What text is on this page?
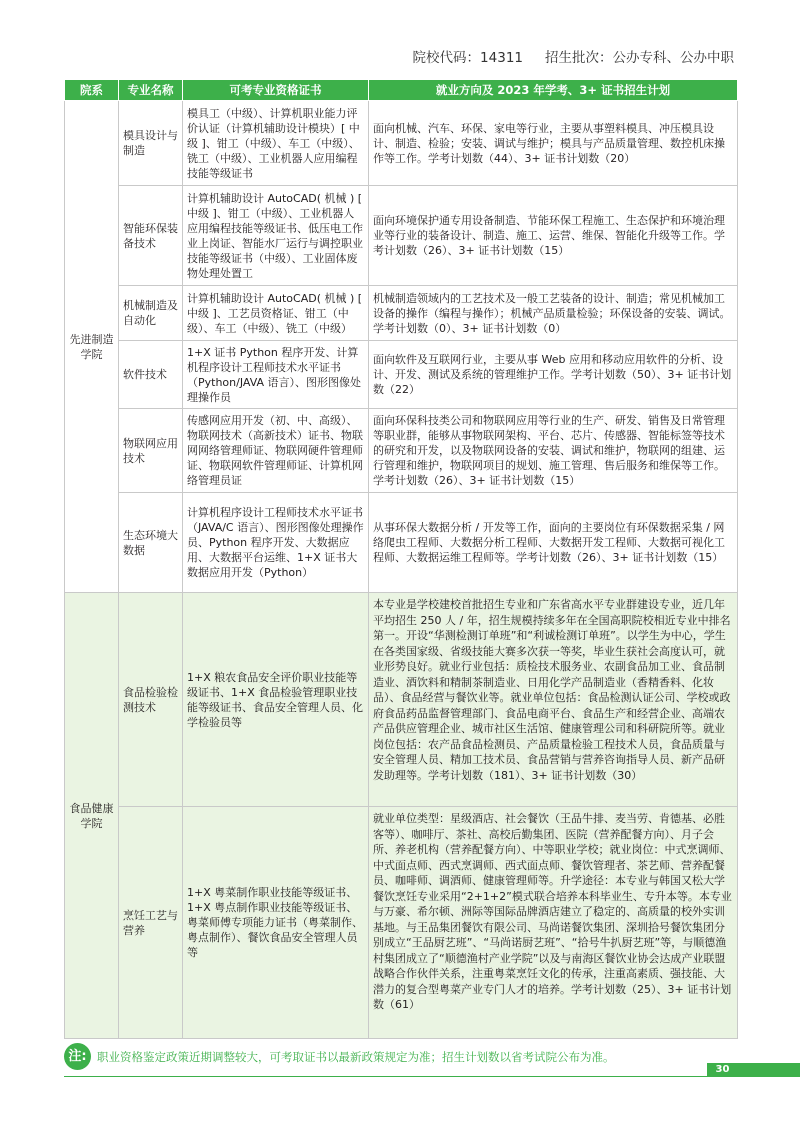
院校代码：14311 招生批次：公办专科、公办中职
院系	专业名称	可考专业资格证书	就业方向及 2023 年学考、3+ 证书招生计划
先进制造学院	模具设计与制造	模具工（中级）、计算机职业能力评价认证（计算机辅助设计模块）[ 中级 ]、钳工（中级）、车工（中级）、铣工（中级）、工业机器人应用编程技能等级证书	面向机械、汽车、环保、家电等行业，主要从事塑料模具、冲压模具设计、制造、检验；安装、调试与维护；模具与产品质量管理、数控机床操作等工作。学考计划数（44）、3+ 证书计划数（20）
	智能环保装备技术	计算机辅助设计 AutoCAD( 机械 ) [ 中级 ]、钳工（中级）、工业机器人应用编程技能等级证书、低压电工作业上岗证、智能水厂运行与调控职业技能等级证书（中级）、工业固体废物处理处置工	面向环境保护通专用设备制造、节能环保工程施工、生态保护和环境治理业等行业的装备设计、制造、施工、运营、维保、智能化升级等工作。学考计划数（26）、3+ 证书计划数（15）
	机械制造及自动化	计算机辅助设计 AutoCAD( 机械 ) [ 中级 ]、工艺员资格证、钳工（中级）、车工（中级）、铣工（中级）	机械制造领域内的工艺技术及一般工艺装备的设计、制造；常见机械加工设备的操作（编程与操作）；机械产品质量检验；环保设备的安装、调试。学考计划数（0）、3+ 证书计划数（0）
	软件技术	1+X 证书 Python 程序开发、计算机程序设计工程师技术水平证书（Python/JAVA 语言）、图形图像处理操作员	面向软件及互联网行业，主要从事 Web 应用和移动应用软件的分析、设计、开发、测试及系统的管理维护工作。学考计划数（50）、3+ 证书计划数（22）
	物联网应用技术	传感网应用开发（初、中、高级）、物联网技术（高新技术）证书、物联网网络管理师证、物联网硬件管理师证、物联网软件管理师证、计算机网络管理员证	面向环保科技类公司和物联网应用等行业的生产、研发、销售及日常管理等职业群，能够从事物联网架构、平台、芯片、传感器、智能标签等技术的研究和开发，以及物联网设备的安装、调试和维护，物联网的组建、运行管理和维护，物联网项目的规划、施工管理、售后服务和维保等工作。学考计划数（26）、3+ 证书计划数（15）
	生态环境大数据	计算机程序设计工程师技术水平证书（JAVA/C 语言）、图形图像处理操作员、Python 程序开发、大数据应用、大数据平台运维、1+X 证书大数据应用开发（Python）	从事环保大数据分析 / 开发等工作，面向的主要岗位有环保数据采集 / 网络爬虫工程师、大数据分析工程师、大数据开发工程师、大数据可视化工程师、大数据运维工程师等。学考计划数（26）、3+ 证书计划数（15）
食品健康学院	食品检验检测技术	1+X 粮农食品安全评价职业技能等级证书、1+X 食品检验管理职业技能等级证书、食品安全管理人员、化学检验员等	本专业是学校建校首批招生专业和广东省高水平专业群建设专业，近几年平均招生 250 人 / 年，招生规模持续多年在全国高职院校相近专业中排名第一。开设“华测检测订单班”和“利诚检测订单班”。以学生为中心，学生在各类国家级、省级技能大赛多次获一等奖，毕业生获社会高度认可，就业形势良好。就业行业包括：质检技术服务业、农副食品加工业、食品制造业、酒饮料和精制茶制造业、日用化学产品制造业（香精香料、化妆品）、食品经营与餐饮业等。就业单位包括：食品检测认证公司、学校或政府食品药品监督管理部门、食品电商平台、食品生产和经营企业、高端农产品供应管理企业、城市社区生活馆、健康管理公司和科研院所等。就业岗位包括：农产品食品检测员、产品质量检验工程技术人员，食品质量与安全管理人员、精加工技术员、食品营销与营养咨询指导人员、新产品研发助理等。学考计划数（181）、3+ 证书计划数（30）
	烹饪工艺与营养	1+X 粤菜制作职业技能等级证书、1+X 粤点制作职业技能等级证书、粤菜师傅专项能力证书（粤菜制作、粤点制作）、餐饮食品安全管理人员等	就业单位类型：星级酒店、社会餐饮（王品牛排、麦当劳、肯德基、必胜客等）、咖啡厅、茶社、高校后勤集团、医院（营养配餐方向）、月子会所、养老机构（营养配餐方向）、中等职业学校；就业岗位：中式烹调师、中式面点师、西式烹调师、西式面点师、餐饮管理者、茶艺师、营养配餐员、咖啡师、调酒师、健康管理师等。升学途径：本专业与韩国又松大学餐饮烹饪专业采用“2+1+2”模式联合培养本科毕业生、专升本等。本专业与万豪、希尔顿、洲际等国际品牌酒店建立了稳定的、高质量的校外实训基地。与王品集团餐饮有限公司、马尚诺餐饮集团、深圳拾号餐饮集团分别成立“王品厨艺班”、“马尚诺厨艺班”、“拾号牛扒厨艺班”等，与顺德渔村集团成立了“顺德渔村产业学院”以及与南海区餐饮业协会达成产业联盟战略合作伙伴关系，注重粤菜烹饪文化的传承，注重高素质、强技能、大潜力的复合型粤菜产业专门人才的培养。学考计划数（25）、3+ 证书计划数（61）
注: 职业资格鉴定政策近期调整较大，可考取证书以最新政策规定为准；招生计划数以省考试院公布为准。
30
